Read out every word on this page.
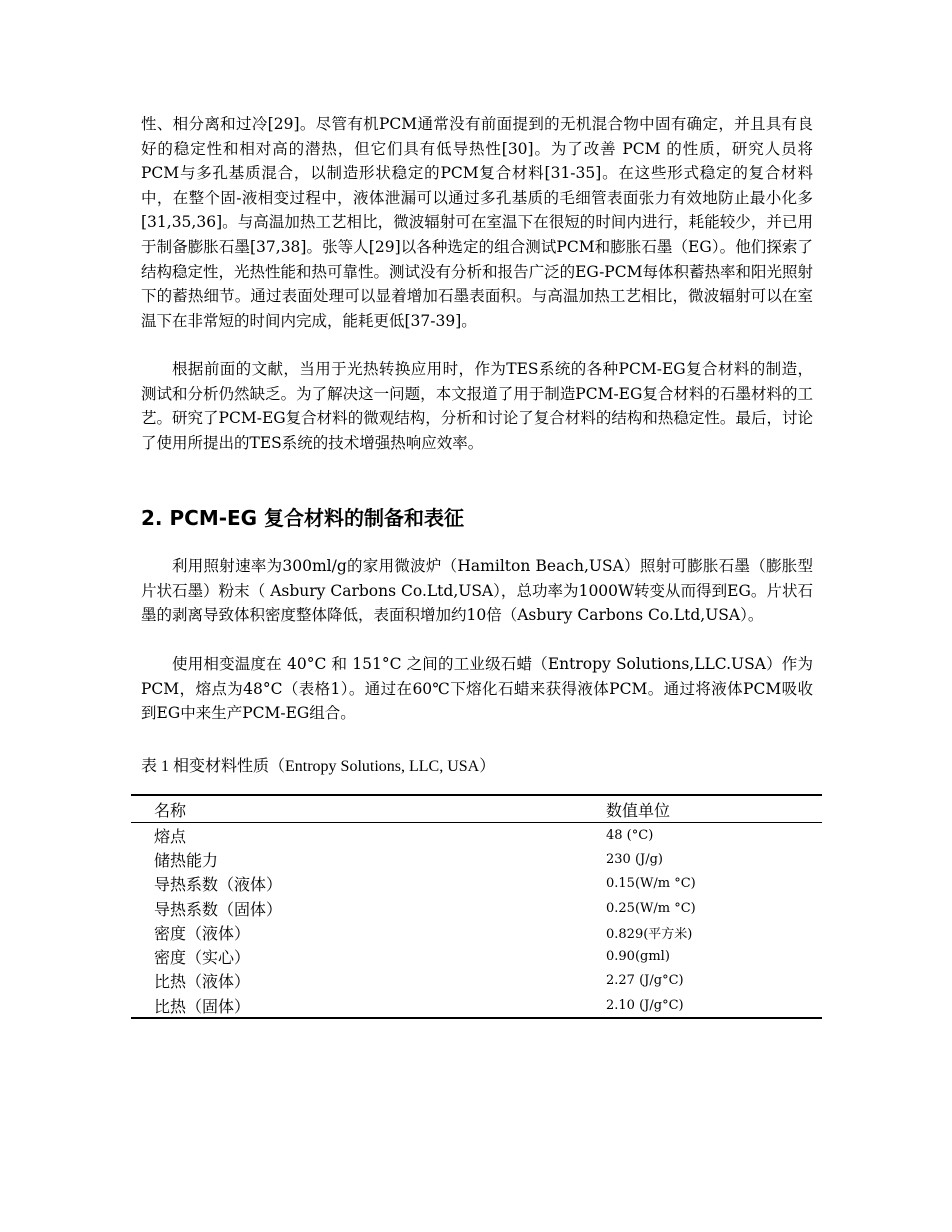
性、相分离和过冷[29]。尽管有机PCM通常没有前面提到的无机混合物中固有确定，并且具有良好的稳定性和相对高的潜热，但它们具有低导热性[30]。为了改善 PCM 的性质，研究人员将PCM与多孔基质混合，以制造形状稳定的PCM复合材料[31-35]。在这些形式稳定的复合材料中，在整个固-液相变过程中，液体泄漏可以通过多孔基质的毛细管表面张力有效地防止最小化多[31,35,36]。与高温加热工艺相比，微波辐射可在室温下在很短的时间内进行，耗能较少，并已用于制备膨胀石墨[37,38]。张等人[29]以各种选定的组合测试PCM和膨胀石墨（EG）。他们探索了结构稳定性，光热性能和热可靠性。测试没有分析和报告广泛的EG-PCM每体积蓄热率和阳光照射下的蓄热细节。通过表面处理可以显着增加石墨表面积。与高温加热工艺相比，微波辐射可以在室温下在非常短的时间内完成，能耗更低[37-39]。

根据前面的文献，当用于光热转换应用时，作为TES系统的各种PCM-EG复合材料的制造，测试和分析仍然缺乏。为了解决这一问题，本文报道了用于制造PCM-EG复合材料的石墨材料的工艺。研究了PCM-EG复合材料的微观结构，分析和讨论了复合材料的结构和热稳定性。最后，讨论了使用所提出的TES系统的技术增强热响应效率。

2. PCM-EG 复合材料的制备和表征

利用照射速率为300ml/g的家用微波炉（Hamilton Beach,USA）照射可膨胀石墨（膨胀型片状石墨）粉末（ Asbury Carbons Co.Ltd,USA），总功率为1000W转变从而得到EG。片状石墨的剥离导致体积密度整体降低，表面积增加约10倍（Asbury Carbons Co.Ltd,USA）。

使用相变温度在 40°C 和 151°C 之间的工业级石蜡（Entropy Solutions,LLC.USA）作为PCM，熔点为48°C（表格1）。通过在60℃下熔化石蜡来获得液体PCM。通过将液体PCM吸收到EG中来生产PCM-EG组合。

表 1 相变材料性质（Entropy Solutions, LLC, USA）

名称	数值单位
熔点	48 (°C)
储热能力	230 (J/g)
导热系数（液体）	0.15(W/m °C)
导热系数（固体）	0.25(W/m °C)
密度（液体）	0.829(平方米)
密度（实心）	0.90(gml)
比热（液体）	2.27 (J/g°C)
比热（固体）	2.10 (J/g°C)
